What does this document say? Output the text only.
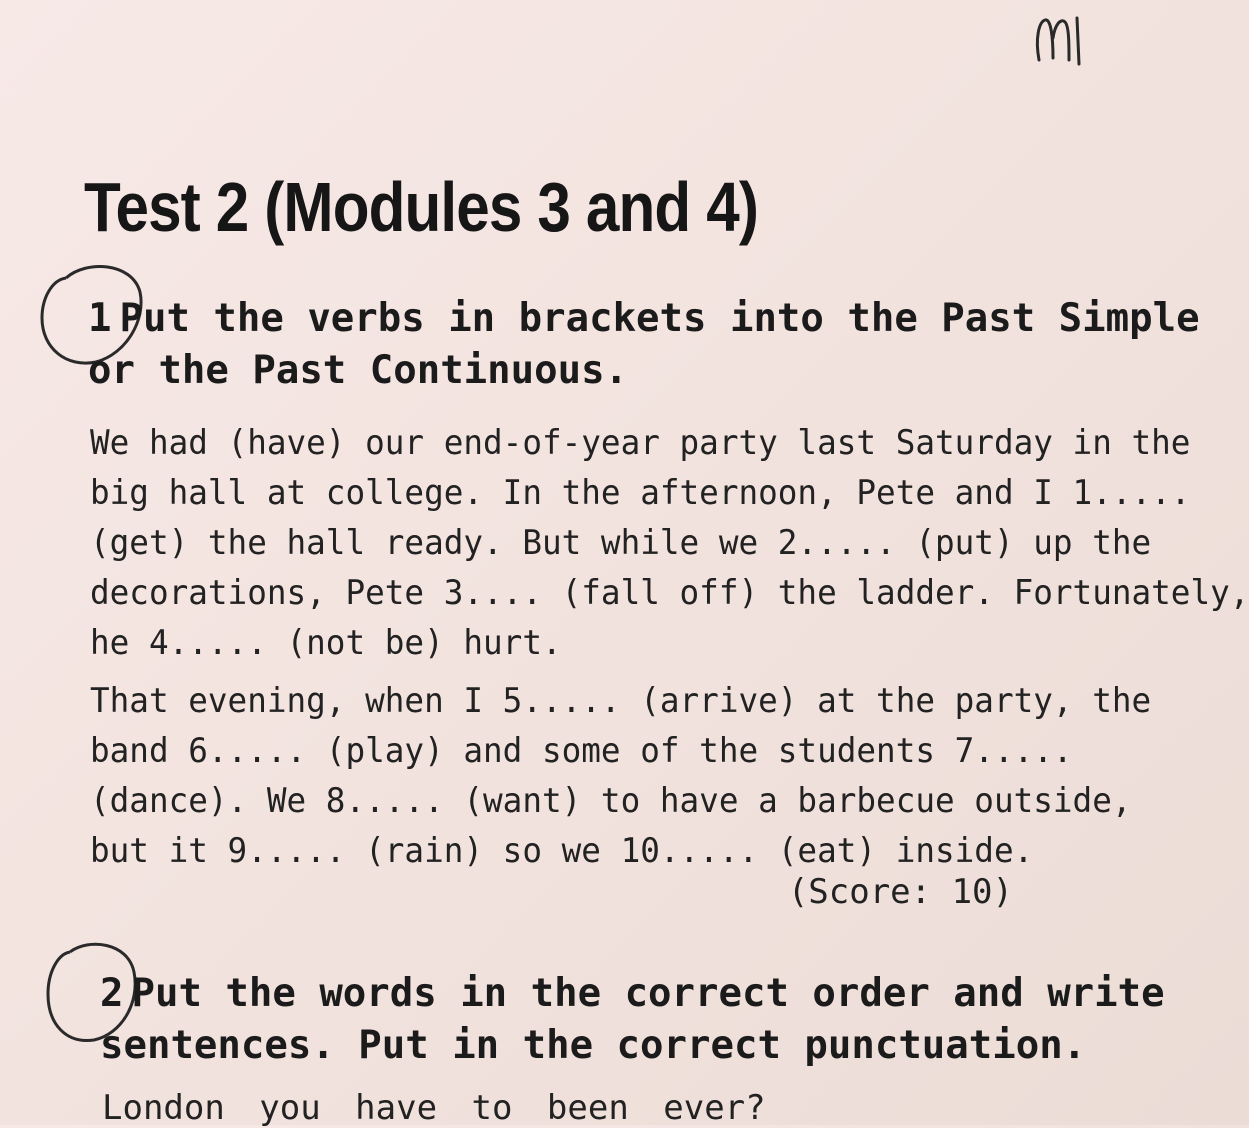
Test 2 (Modules 3 and 4)
1 Put the verbs in brackets into the Past Simple
or the Past Continuous.
We had (have) our end-of-year party last Saturday in the
big hall at college. In the afternoon, Pete and I 1.....
(get) the hall ready. But while we 2..... (put) up the
decorations, Pete 3.... (fall off) the ladder. Fortunately,
he 4..... (not be) hurt.
That evening, when I 5..... (arrive) at the party, the
band 6..... (play) and some of the students 7.....
(dance). We 8..... (want) to have a barbecue outside,
but it 9..... (rain) so we 10..... (eat) inside.
(Score: 10)
2 Put the words in the correct order and write
sentences. Put in the correct punctuation.
London you have to been ever?
